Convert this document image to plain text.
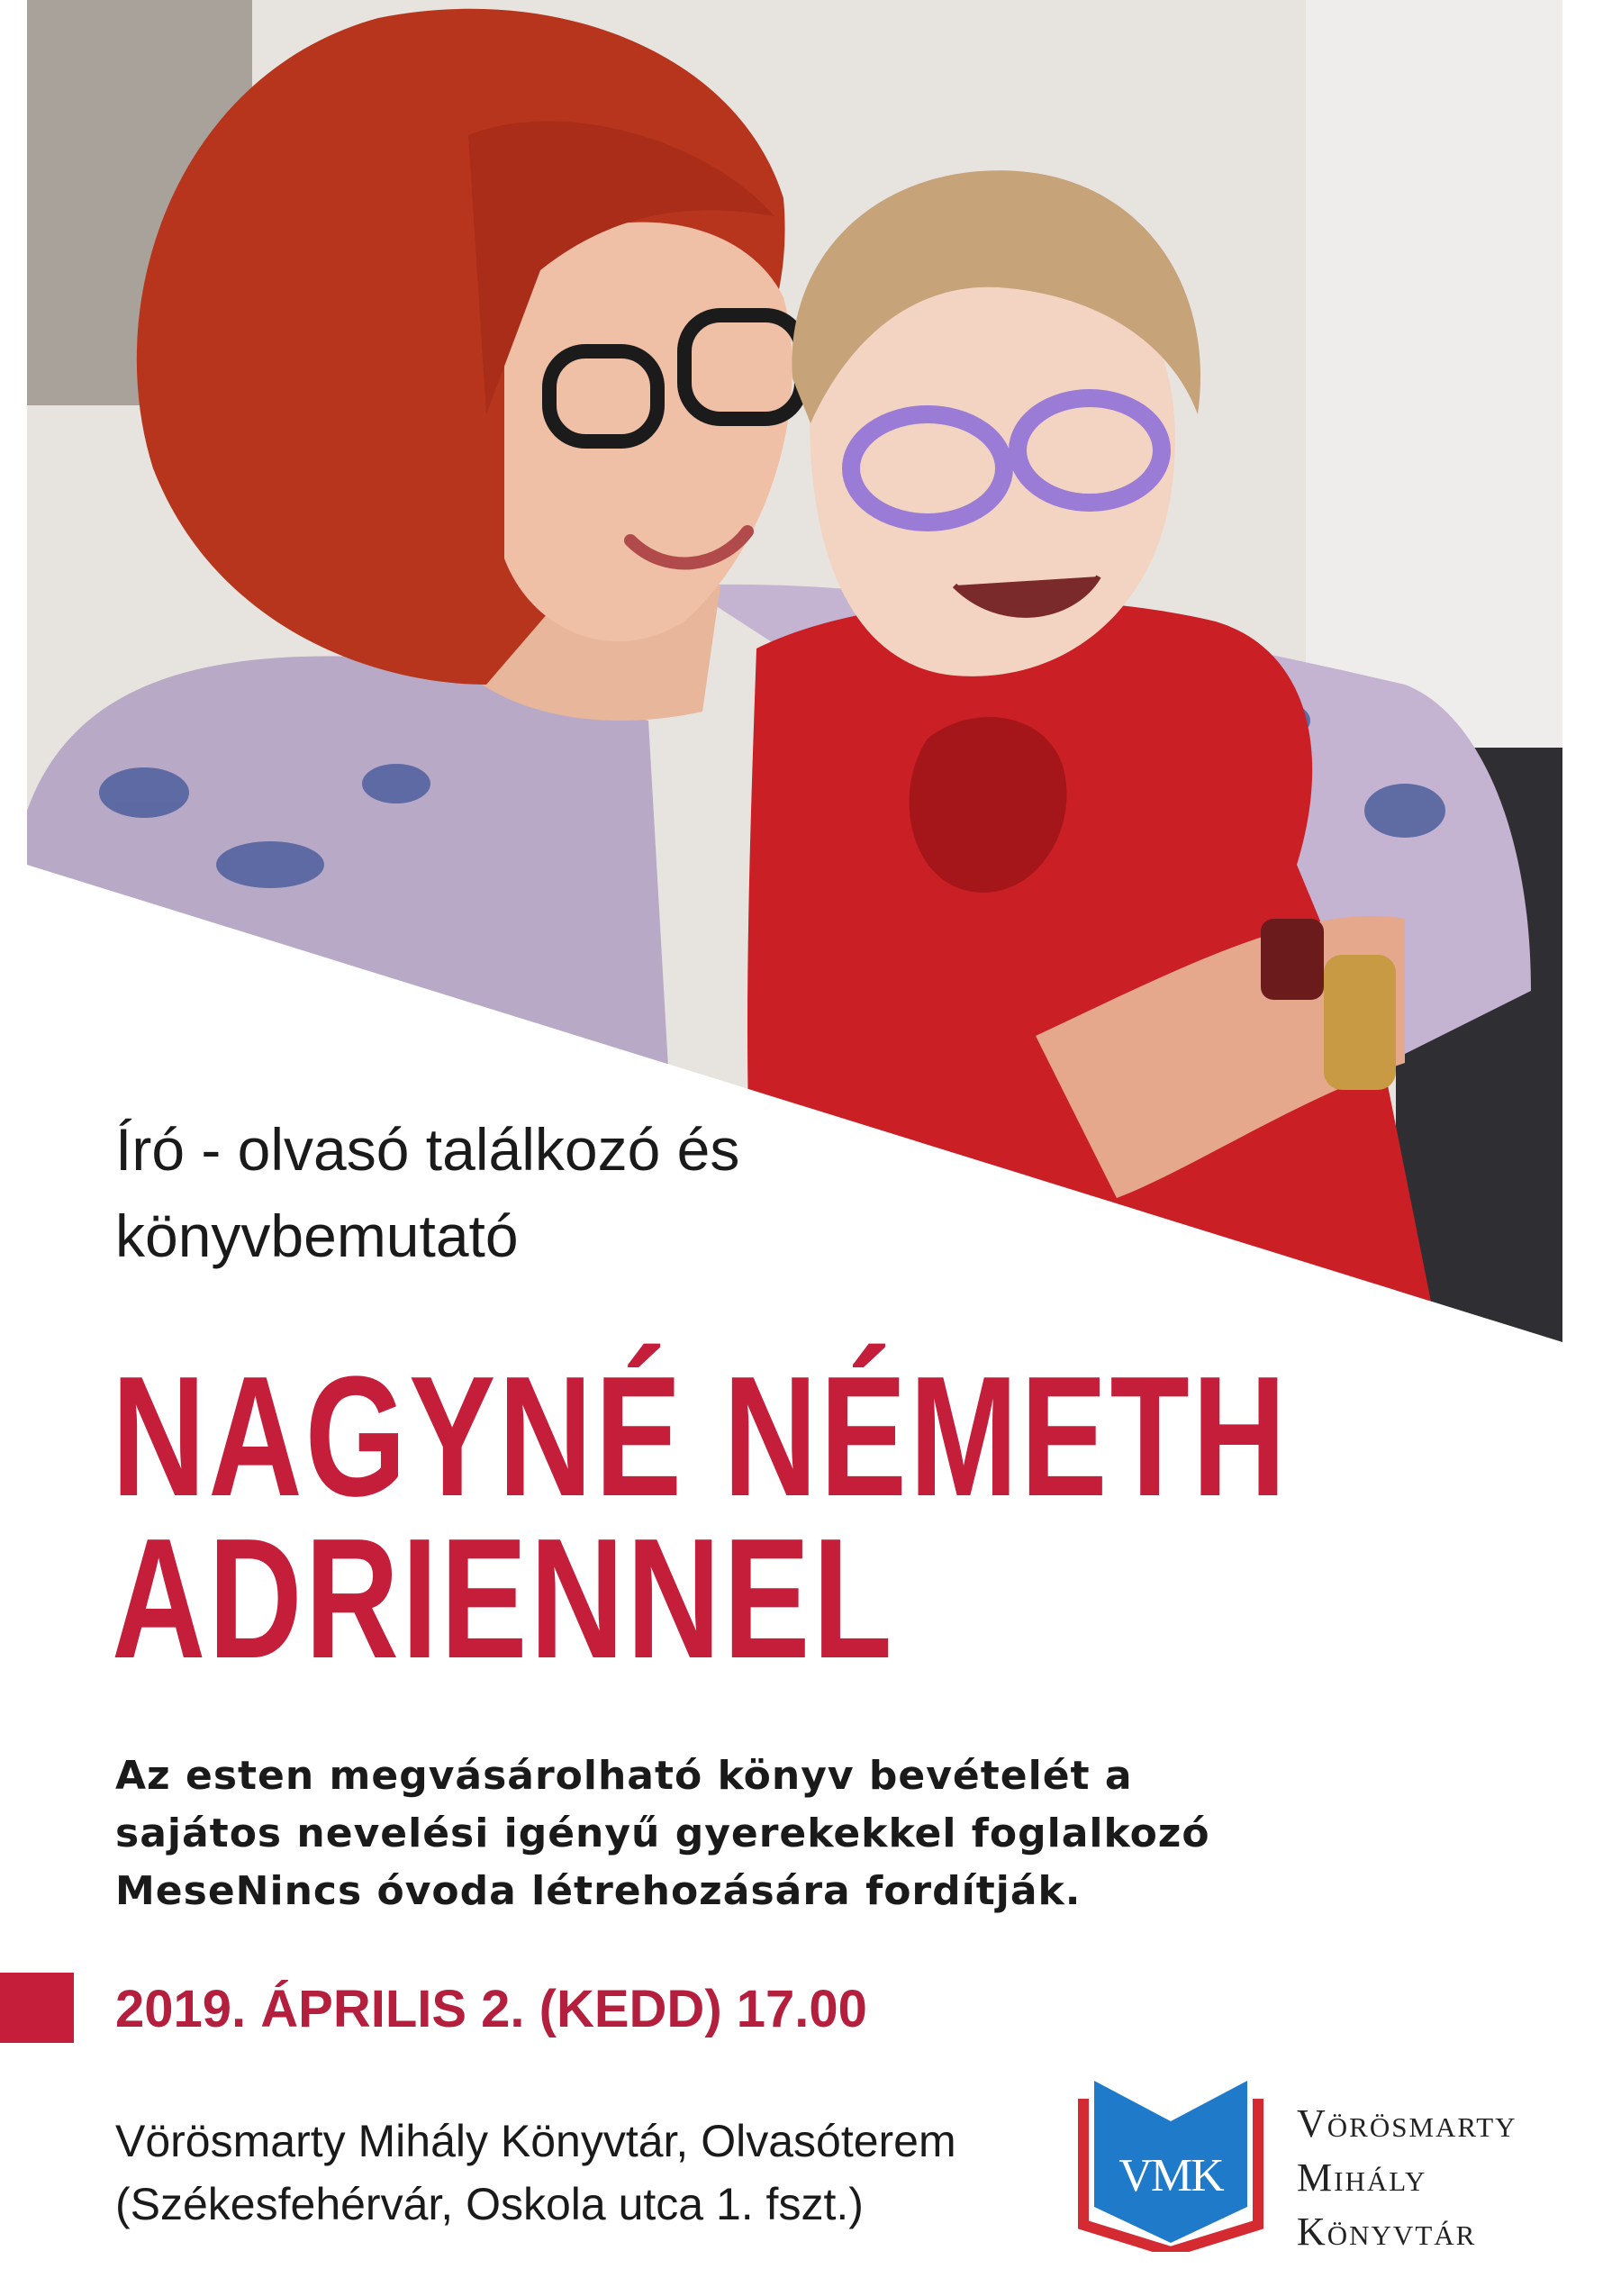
Író - olvasó találkozó és
könyvbemutató
NAGYNÉ NÉMETH
ADRIENNEL
Az esten megvásárolható könyv bevételét a
sajátos nevelési igényű gyerekekkel foglalkozó
MeseNincs óvoda létrehozására fordítják.
2019. ÁPRILIS 2. (KEDD) 17.00
Vörösmarty Mihály Könyvtár, Olvasóterem
(Székesfehérvár, Oskola utca 1. fszt.)
VMK
Vörösmarty
Mihály
Könyvtár
